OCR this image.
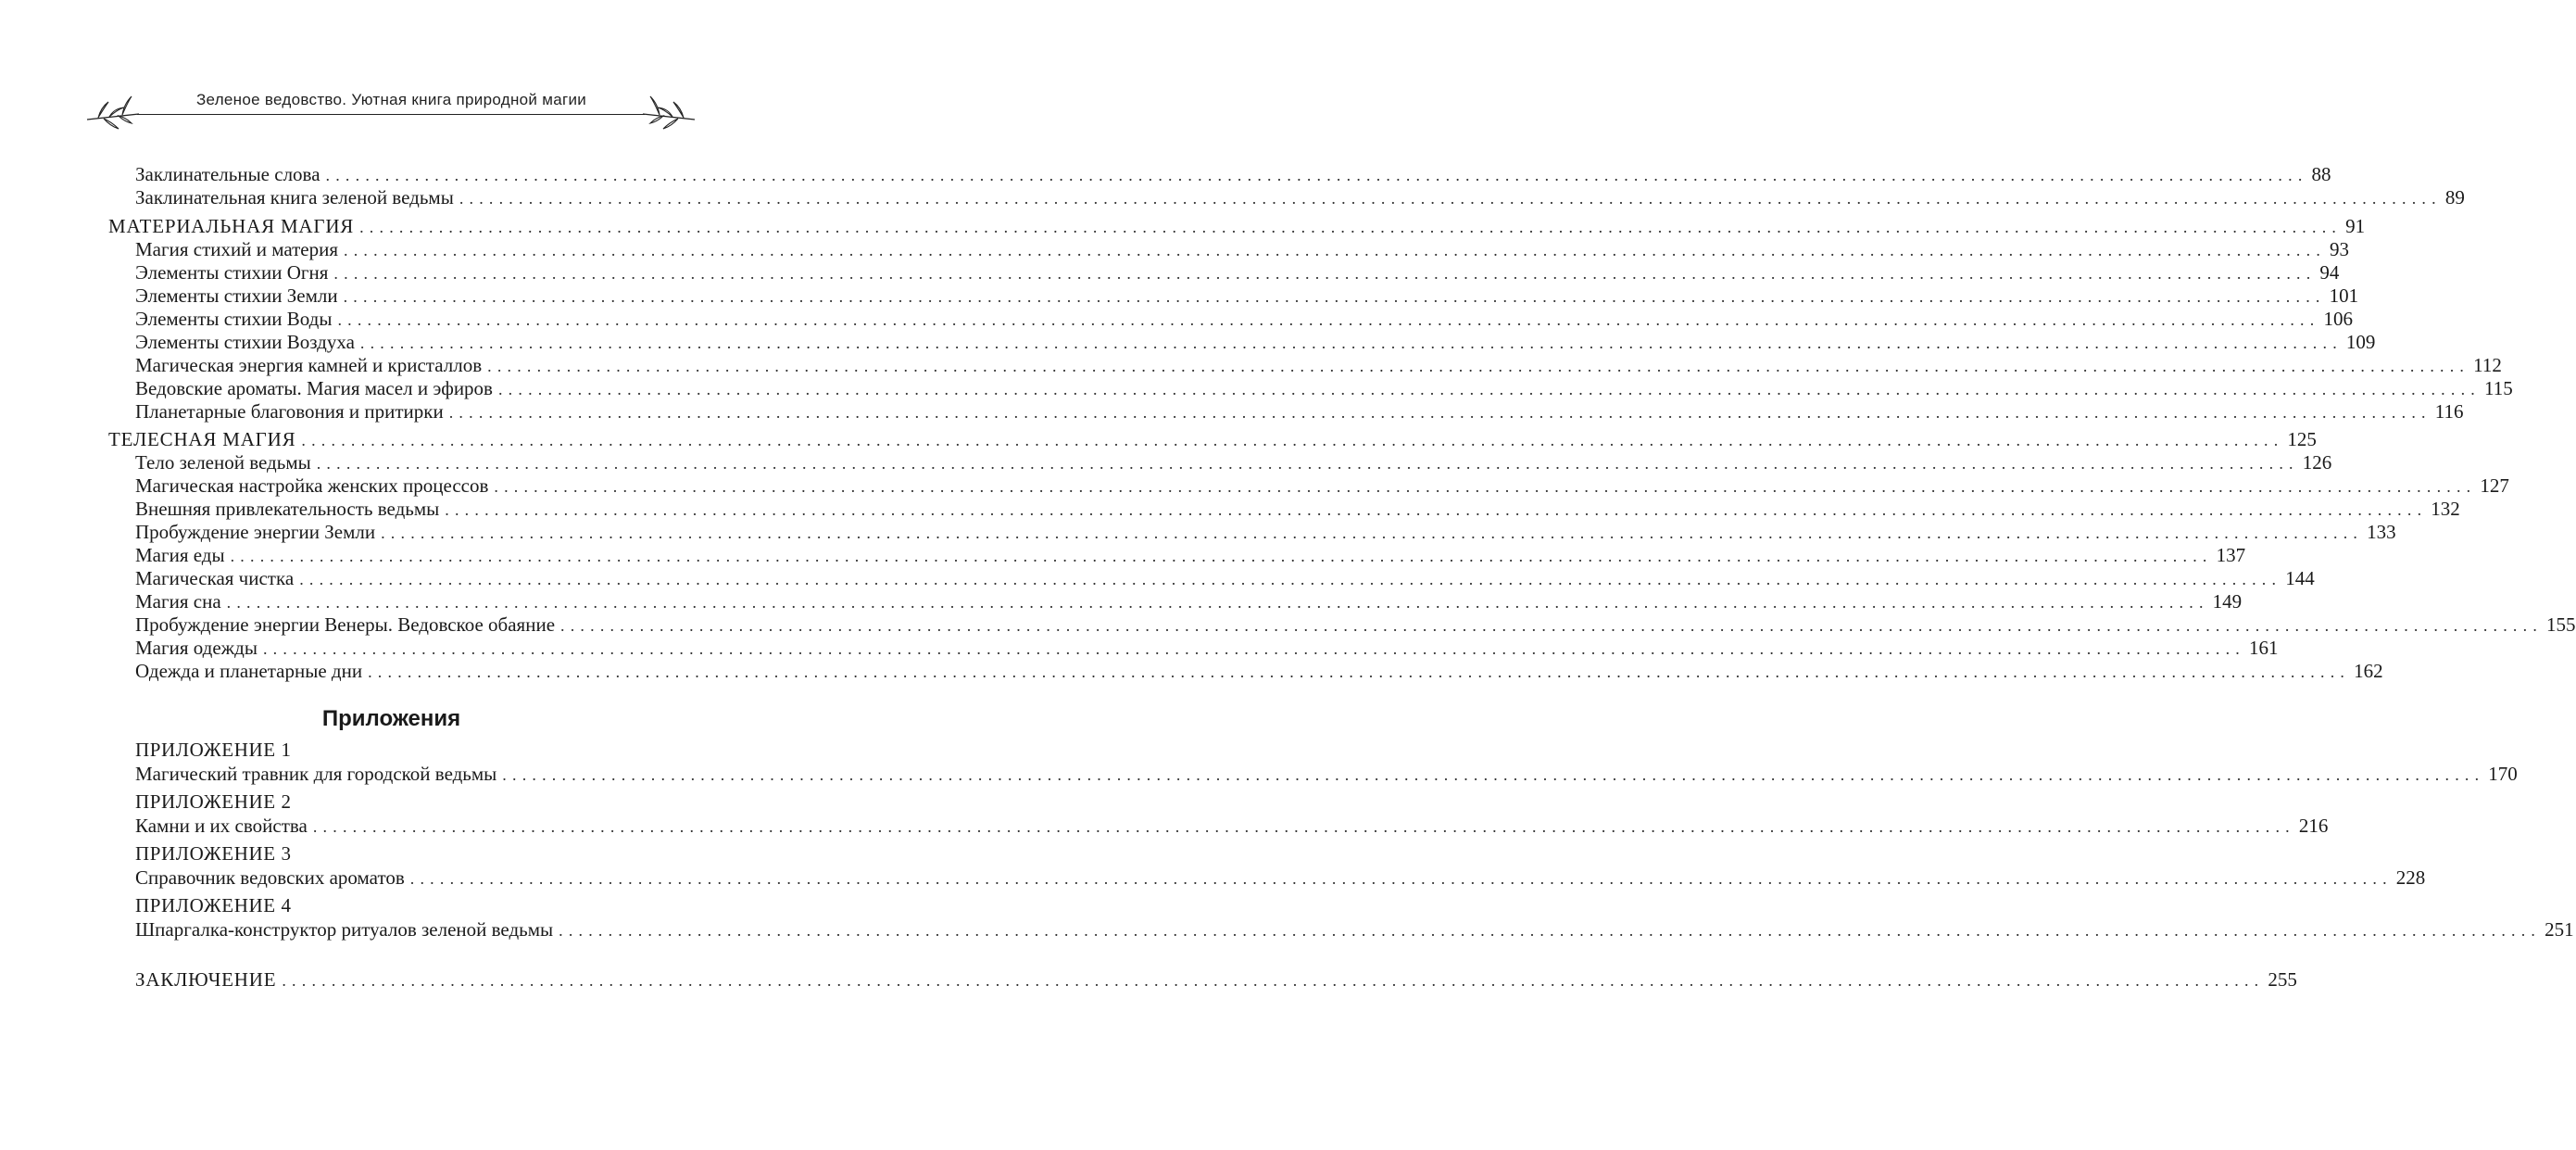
Зеленое ведовство. Уютная книга природной магии
Заклинательные слова ........................................................................................................................................................................................................ 88
Заклинательная книга зеленой ведьмы ........................................................................................................................................................................................................ 89
МАТЕРИАЛЬНАЯ МАГИЯ ........................................................................................................................................................................................................ 91
Магия стихий и материя ........................................................................................................................................................................................................ 93
Элементы стихии Огня ........................................................................................................................................................................................................ 94
Элементы стихии Земли ........................................................................................................................................................................................................ 101
Элементы стихии Воды ........................................................................................................................................................................................................ 106
Элементы стихии Воздуха ........................................................................................................................................................................................................ 109
Магическая энергия камней и кристаллов ........................................................................................................................................................................................................ 112
Ведовские ароматы. Магия масел и эфиров ........................................................................................................................................................................................................ 115
Планетарные благовония и притирки ........................................................................................................................................................................................................ 116
ТЕЛЕСНАЯ МАГИЯ ........................................................................................................................................................................................................ 125
Тело зеленой ведьмы ........................................................................................................................................................................................................ 126
Магическая настройка женских процессов ........................................................................................................................................................................................................ 127
Внешняя привлекательность ведьмы ........................................................................................................................................................................................................ 132
Пробуждение энергии Земли ........................................................................................................................................................................................................ 133
Магия еды ........................................................................................................................................................................................................ 137
Магическая чистка ........................................................................................................................................................................................................ 144
Магия сна ........................................................................................................................................................................................................ 149
Пробуждение энергии Венеры. Ведовское обаяние ........................................................................................................................................................................................................ 155
Магия одежды ........................................................................................................................................................................................................ 161
Одежда и планетарные дни ........................................................................................................................................................................................................ 162
Приложения
ПРИЛОЖЕНИЕ 1
Магический травник для городской ведьмы ........................................................................................................................................................................................................ 170
ПРИЛОЖЕНИЕ 2
Камни и их свойства ........................................................................................................................................................................................................ 216
ПРИЛОЖЕНИЕ 3
Справочник ведовских ароматов ........................................................................................................................................................................................................ 228
ПРИЛОЖЕНИЕ 4
Шпаргалка-конструктор ритуалов зеленой ведьмы ........................................................................................................................................................................................................ 251
ЗАКЛЮЧЕНИЕ ........................................................................................................................................................................................................ 255
